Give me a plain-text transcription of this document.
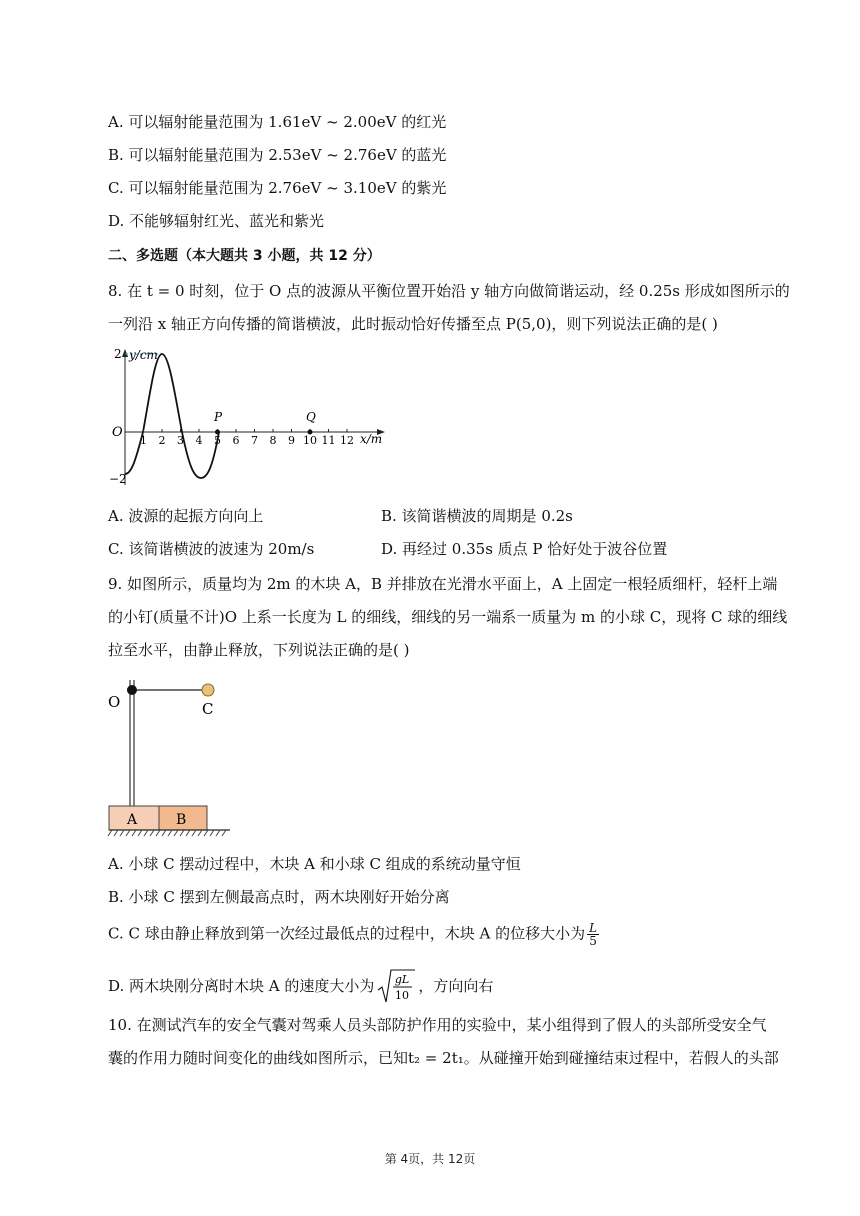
A. 可以辐射能量范围为 1.61eV ~ 2.00eV 的红光
B. 可以辐射能量范围为 2.53eV ~ 2.76eV 的蓝光
C. 可以辐射能量范围为 2.76eV ~ 3.10eV 的紫光
D. 不能够辐射红光、蓝光和紫光
二、多选题（本大题共 3 小题，共 12 分）
8. 在 t = 0 时刻，位于 O 点的波源从平衡位置开始沿 y 轴方向做简谐运动，经 0.25s 形成如图所示的
一列沿 x 轴正方向传播的简谐横波，此时振动恰好传播至点 P(5,0)，则下列说法正确的是( )
y/cm
x/m
O
2
−2
P	Q
1 2 3 4 5 6 7 8 9 10 11 12
A. 波源的起振方向向上	B. 该简谐横波的周期是 0.2s
C. 该简谐横波的波速为 20m/s	D. 再经过 0.35s 质点 P 恰好处于波谷位置
9. 如图所示，质量均为 2m 的木块 A，B 并排放在光滑水平面上，A 上固定一根轻质细杆，轻杆上端
的小钉(质量不计)O 上系一长度为 L 的细线，细线的另一端系一质量为 m 的小球 C，现将 C 球的细线
拉至水平，由静止释放，下列说法正确的是( )
O	C
A	B
A. 小球 C 摆动过程中，木块 A 和小球 C 组成的系统动量守恒
B. 小球 C 摆到左侧最高点时，两木块刚好开始分离
C. C 球由静止释放到第一次经过最低点的过程中，木块 A 的位移大小为 $\frac{L}{5}$
D. 两木块刚分离时木块 A 的速度大小为 gL
10
，方向向右
10. 在测试汽车的安全气囊对驾乘人员头部防护作用的实验中，某小组得到了假人的头部所受安全气
囊的作用力随时间变化的曲线如图所示，已知t₂ = 2t₁。从碰撞开始到碰撞结束过程中，若假人的头部
第 4页，共 12页
